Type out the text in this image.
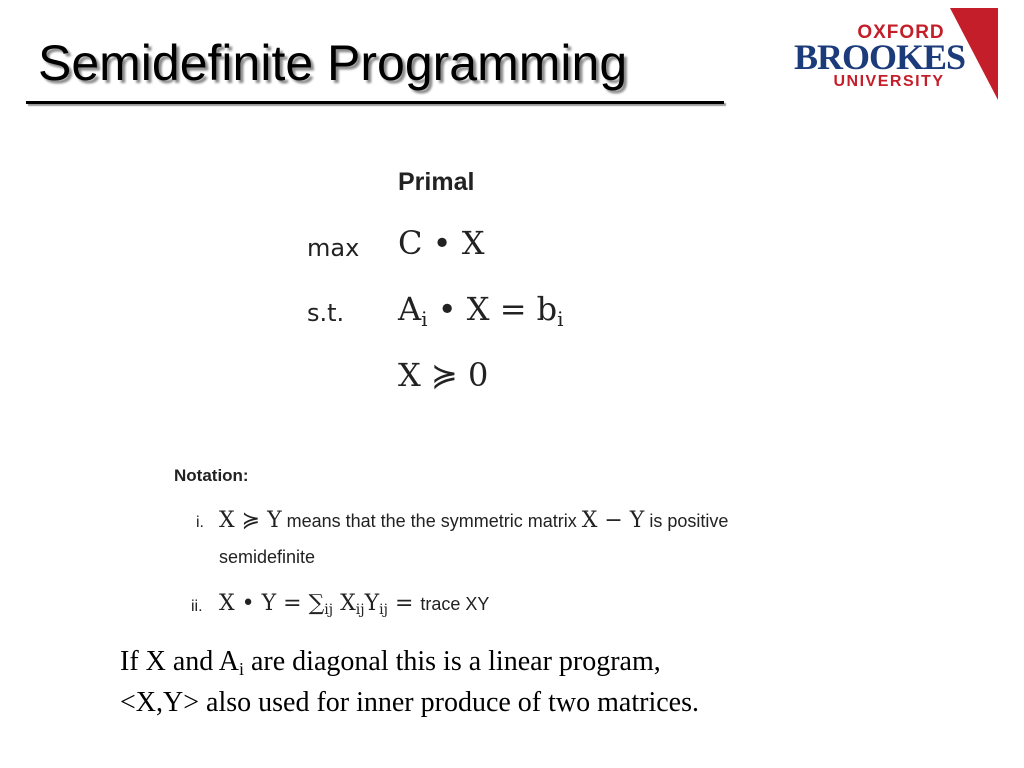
Semidefinite Programming
OXFORD
BROOKES
UNIVERSITY
Primal
max C • X
s.t. $A_i$ • $X = b_i$
X ≽ 0
Notation:
i. X ≽ Y means that the the symmetric matrix X − Y is positive
semidefinite
ii. X • $Y = \sum_{ij}$ $X_{ij}Y_{ij}$ = trace XY
If X and $A_i$ are diagonal this is a linear program,
<X,Y> also used for inner produce of two matrices.
